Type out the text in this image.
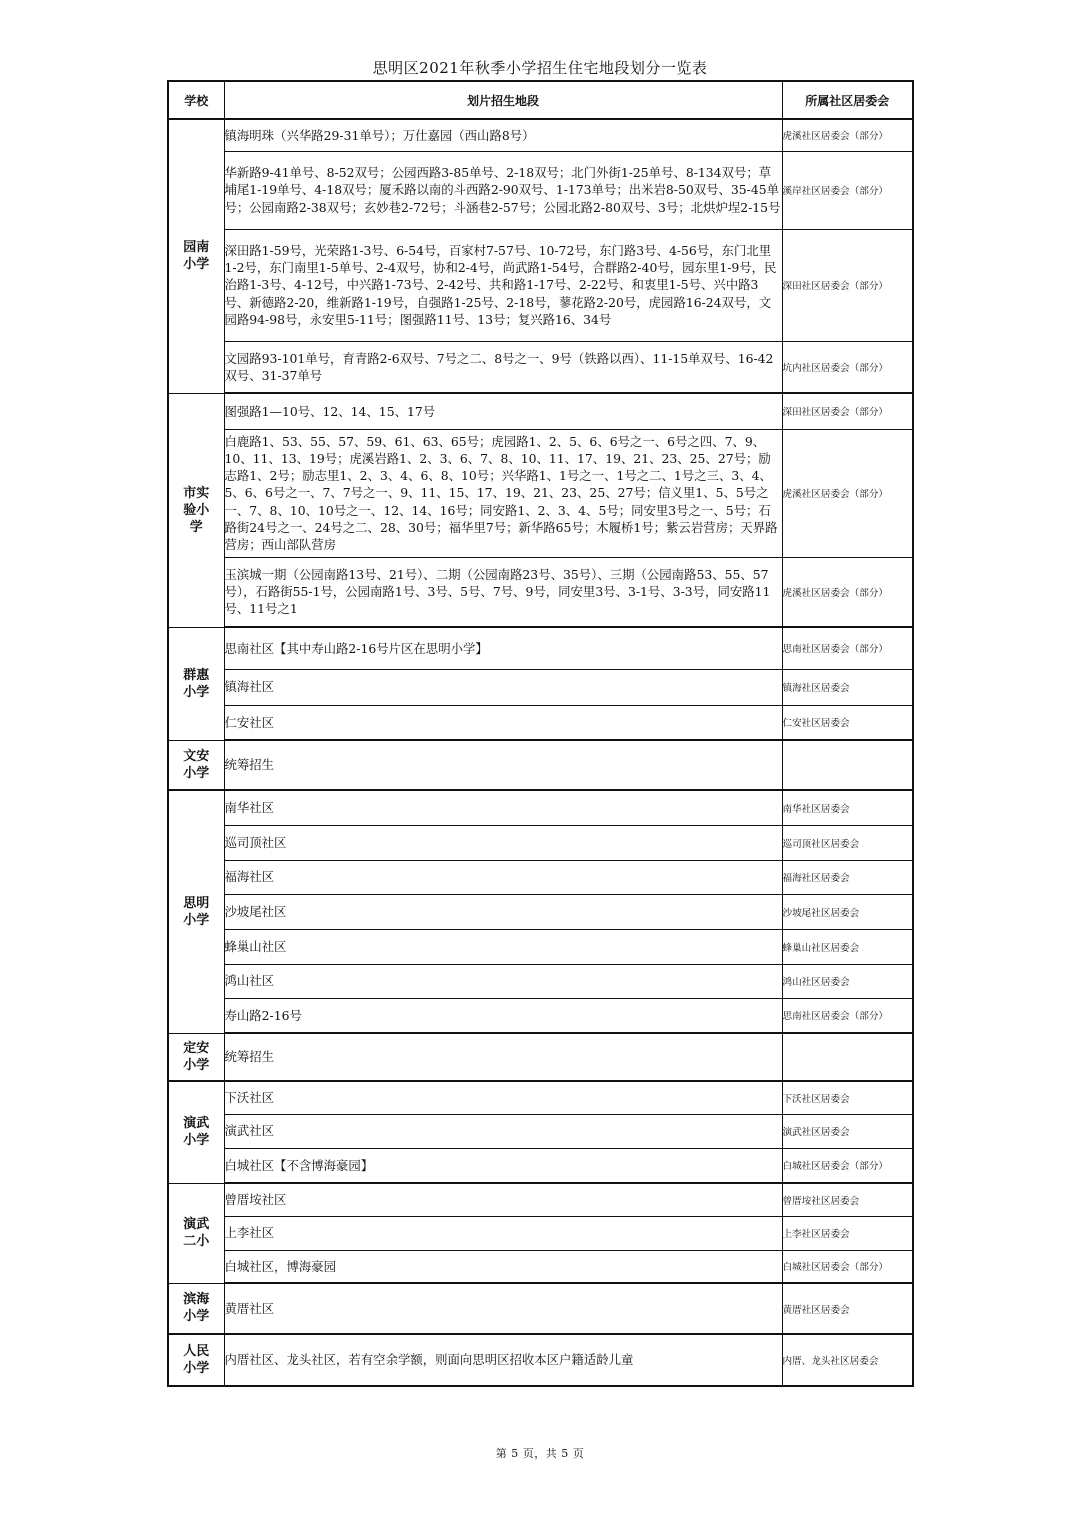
思明区2021年秋季小学招生住宅地段划分一览表
学校	划片招生地段	所属社区居委会

园南
小学	镇海明珠（兴华路29-31单号）；万仕嘉园（西山路8号）	虎溪社区居委会（部分）
	华新路9-41单号、8-52双号；公园西路3-85单号、2-18双号；北门外街1-25单号、8-134双号；草埔尾1-19单号、4-18双号；厦禾路以南的斗西路2-90双号、1-173单号；出米岩8-50双号、35-45单号；公园南路2-38双号；玄妙巷2-72号；斗涵巷2-57号；公园北路2-80双号、3号；北烘炉埕2-15号	溪岸社区居委会（部分）
	深田路1-59号，光荣路1-3号、6-54号，百家村7-57号、10-72号，东门路3号、4-56号，东门北里1-2号，东门南里1-5单号、2-4双号，协和2-4号，尚武路1-54号，合群路2-40号，园东里1-9号，民治路1-3号、4-12号，中兴路1-73号、2-42号、共和路1-17号、2-22号、和衷里1-5号、兴中路3号、新德路2-20，维新路1-19号，自强路1-25号、2-18号，蓼花路2-20号，虎园路16-24双号，文园路94-98号，永安里5-11号；图强路11号、13号；复兴路16、34号	深田社区居委会（部分）
	文园路93-101单号，育青路2-6双号、7号之二、8号之一、9号（铁路以西）、11-15单双号、16-42双号、31-37单号	坑内社区居委会（部分）

市实
验小
学	图强路1—10号、12、14、15、17号	深田社区居委会（部分）
	白鹿路1、53、55、57、59、61、63、65号；虎园路1、2、5、6、6号之一、6号之四、7、9、10、11、13、19号；虎溪岩路1、2、3、6、7、8、10、11、17、19、21、23、25、27号；励志路1、2号；励志里1、2、3、4、6、8、10号；兴华路1、1号之一、1号之二、1号之三、3、4、5、6、6号之一、7、7号之一、9、11、15、17、19、21、23、25、27号；信义里1、5、5号之一、7、8、10、10号之一、12、14、16号；同安路1、2、3、4、5号；同安里3号之一、5号；石路街24号之一、24号之二、28、30号；福华里7号；新华路65号；木履桥1号；紫云岩营房；天界路营房；西山部队营房	虎溪社区居委会（部分）
	玉滨城一期（公园南路13号、21号）、二期（公园南路23号、35号）、三期（公园南路53、55、57号），石路街55-1号，公园南路1号、3号、5号、7号、9号，同安里3号、3-1号、3-3号，同安路11号、11号之1	虎溪社区居委会（部分）

群惠
小学	思南社区【其中寿山路2-16号片区在思明小学】	思南社区居委会（部分）
	镇海社区	镇海社区居委会
	仁安社区	仁安社区居委会

文安
小学	统筹招生	

思明
小学	南华社区	南华社区居委会
	巡司顶社区	巡司顶社区居委会
	福海社区	福海社区居委会
	沙坡尾社区	沙坡尾社区居委会
	蜂巢山社区	蜂巢山社区居委会
	鸿山社区	鸿山社区居委会
	寿山路2-16号	思南社区居委会（部分）

定安
小学	统筹招生	

演武
小学	下沃社区	下沃社区居委会
	演武社区	演武社区居委会
	白城社区【不含博海豪园】	白城社区居委会（部分）

演武
二小	曾厝垵社区	曾厝垵社区居委会
	上李社区	上李社区居委会
	白城社区，博海豪园	白城社区居委会（部分）

滨海
小学	黄厝社区	黄厝社区居委会

人民
小学	内厝社区、龙头社区，若有空余学额，则面向思明区招收本区户籍适龄儿童	内厝、龙头社区居委会
第 5 页，共 5 页
